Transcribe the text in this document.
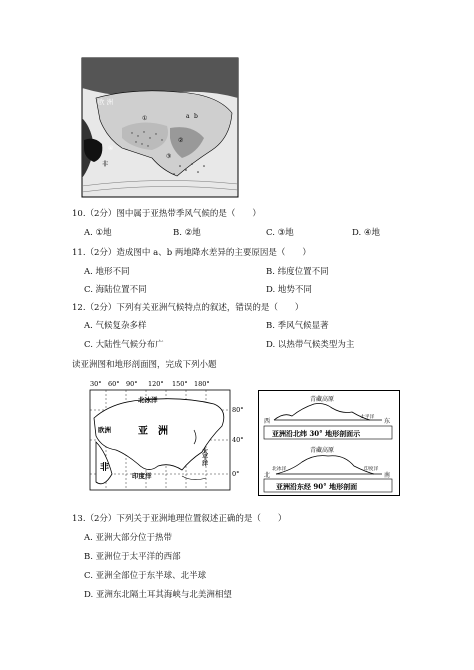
欧 洲
非
a b
①
②
③
④
10.（2分）图中属于亚热带季风气候的是（　　）
A. ①地	B. ②地	C. ③地	D. ④地
11.（2分）造成图中 a、b 两地降水差异的主要原因是（　　）
A. 地形不同	B. 纬度位置不同
C. 海陆位置不同	D. 地势不同
12.（2分）下列有关亚洲气候特点的叙述，错误的是（　　）
A. 气候复杂多样	B. 季风气候显著
C. 大陆性气候分布广	D. 以热带气候类型为主
读亚洲图和地形剖面图，完成下列小题
30° 60° 90° 120° 150° 180°
北冰洋
欧洲	亚　洲
非
太平洋
印度洋
80°
40°
0°
青藏高原
西	东
太平洋
亚洲沿北纬 30° 地形剖面示
青藏高原
北	南
北冰洋	印度洋
亚洲沿东经 90° 地形剖面
13.（2分）下列关于亚洲地理位置叙述正确的是（　　）
A. 亚洲大部分位于热带
B. 亚洲位于太平洋的西部
C. 亚洲全部位于东半球、北半球
D. 亚洲东北隔土耳其海峡与北美洲相望
